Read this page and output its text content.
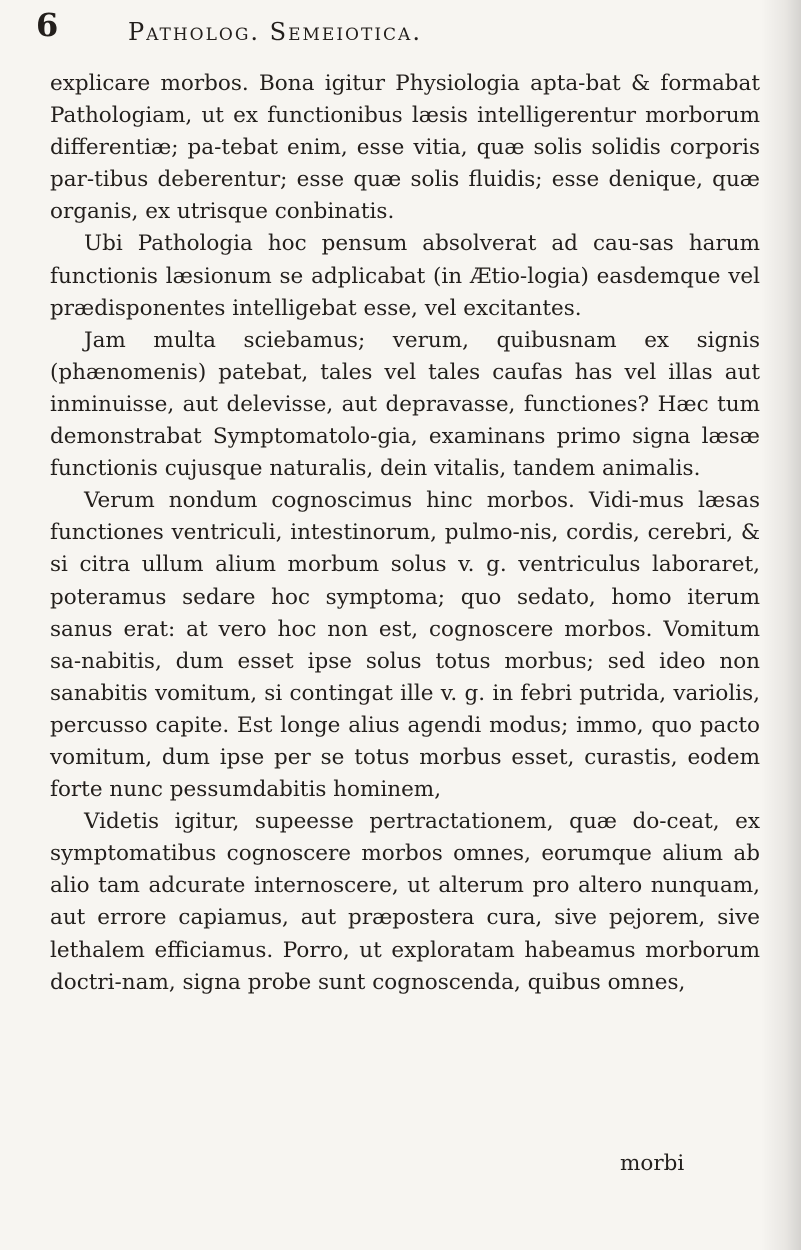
6	Patholog. Semeiotica.

explicare morbos. Bona igitur Physiologia apta-bat & formabat Pathologiam, ut ex functionibus læsis intelligerentur morborum differentiæ; pa-tebat enim, esse vitia, quæ solis solidis corporis par-tibus deberentur; esse quæ solis fluidis; esse denique, quæ organis, ex utrisque conbinatis.

Ubi Pathologia hoc pensum absolverat ad cau-sas harum functionis læsionum se adplicabat (in Ætio-logia) easdemque vel prædisponentes intelligebat esse, vel excitantes.

Jam multa sciebamus; verum, quibusnam ex signis (phænomenis) patebat, tales vel tales caufas has vel illas aut inminuisse, aut delevisse, aut depravasse, functiones? Hæc tum demonstrabat Symptomatolo-gia, examinans primo signa læsæ functionis cujusque naturalis, dein vitalis, tandem animalis.

Verum nondum cognoscimus hinc morbos. Vidi-mus læsas functiones ventriculi, intestinorum, pulmo-nis, cordis, cerebri, & si citra ullum alium morbum solus v. g. ventriculus laboraret, poteramus sedare hoc symptoma; quo sedato, homo iterum sanus erat: at vero hoc non est, cognoscere morbos. Vomitum sa-nabitis, dum esset ipse solus totus morbus; sed ideo non sanabitis vomitum, si contingat ille v. g. in febri putrida, variolis, percusso capite. Est longe alius agendi modus; immo, quo pacto vomitum, dum ipse per se totus morbus esset, curastis, eodem forte nunc pessumdabitis hominem,

Videtis igitur, supeesse pertractationem, quæ do-ceat, ex symptomatibus cognoscere morbos omnes, eorumque alium ab alio tam adcurate internoscere, ut alterum pro altero nunquam, aut errore capiamus, aut præpostera cura, sive pejorem, sive lethalem efficiamus. Porro, ut exploratam habeamus morborum doctri-nam, signa probe sunt cognoscenda, quibus omnes,

morbi
